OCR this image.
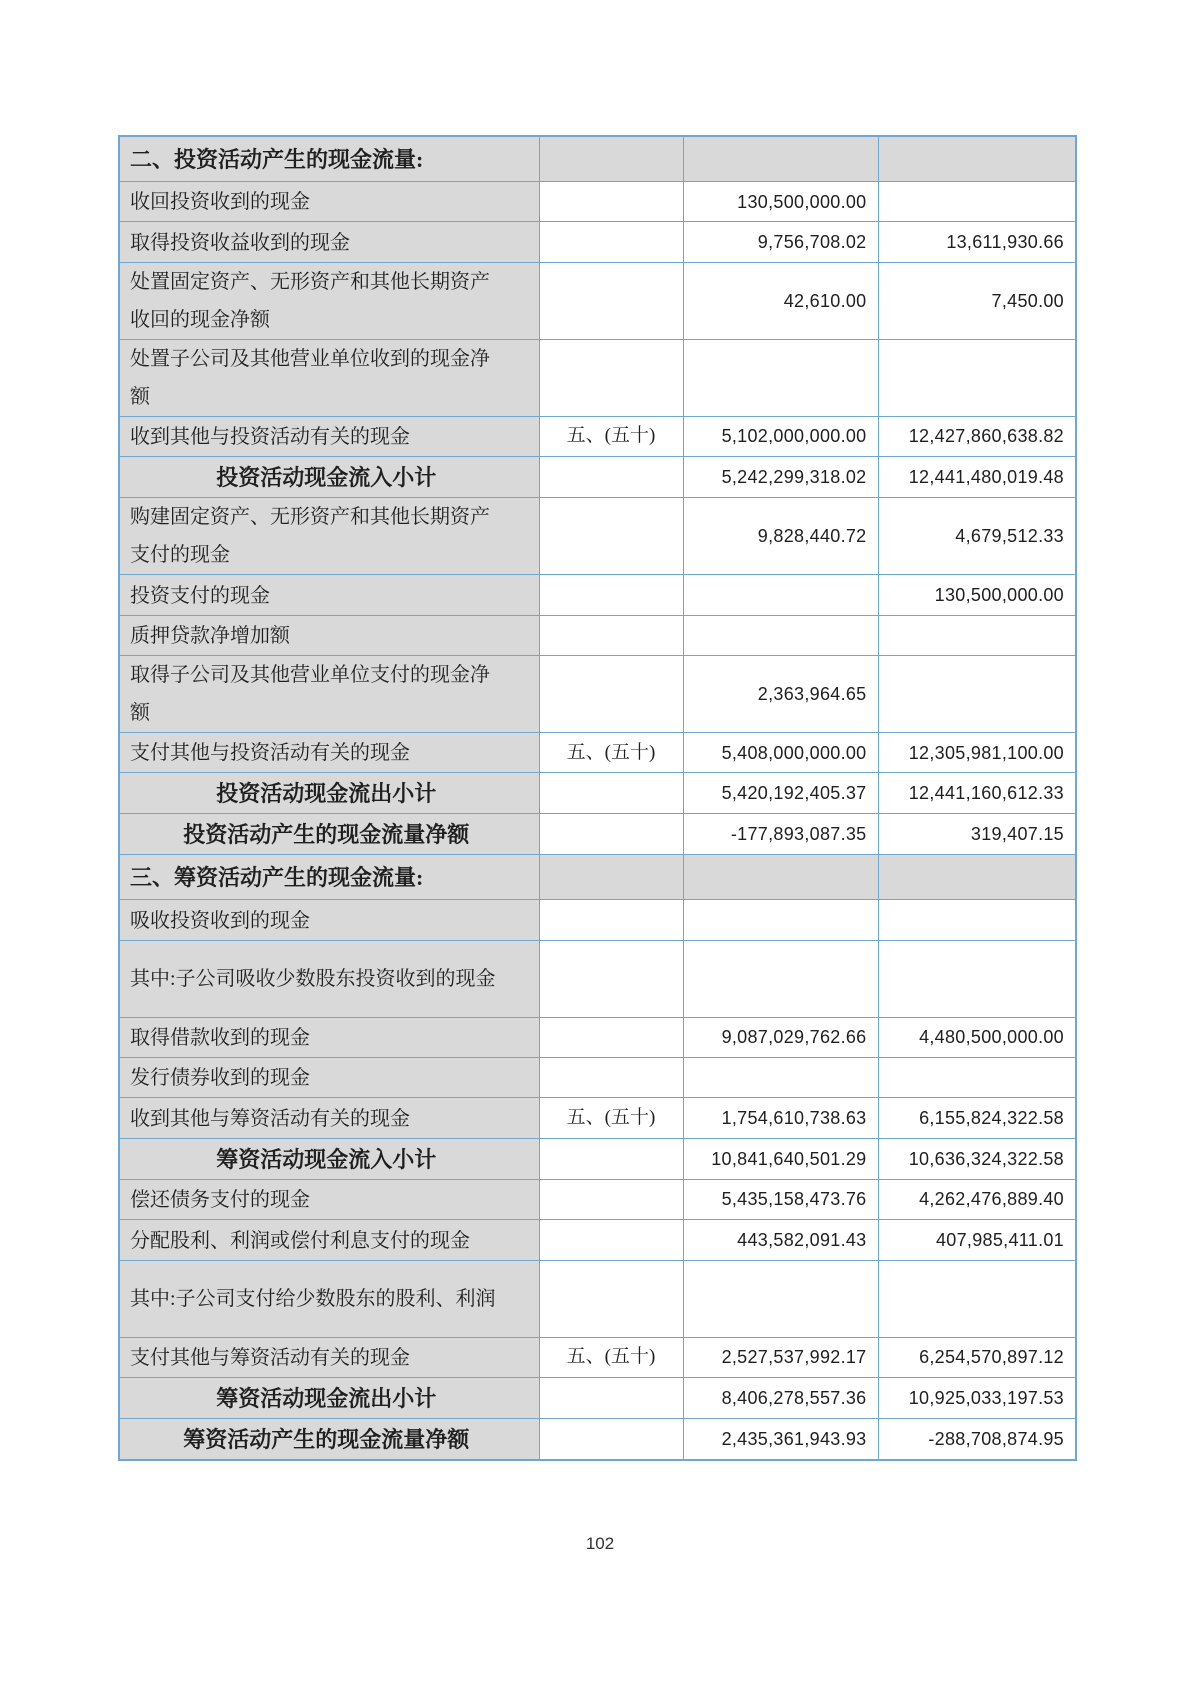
二、投资活动产生的现金流量:			
收回投资收到的现金		130,500,000.00	
取得投资收益收到的现金		9,756,708.02	13,611,930.66
处置固定资产、无形资产和其他长期资产收回的现金净额		42,610.00	7,450.00
处置子公司及其他营业单位收到的现金净额			
收到其他与投资活动有关的现金	五、(五十)	5,102,000,000.00	12,427,860,638.82
投资活动现金流入小计		5,242,299,318.02	12,441,480,019.48
购建固定资产、无形资产和其他长期资产支付的现金		9,828,440.72	4,679,512.33
投资支付的现金			130,500,000.00
质押贷款净增加额			
取得子公司及其他营业单位支付的现金净额		2,363,964.65	
支付其他与投资活动有关的现金	五、(五十)	5,408,000,000.00	12,305,981,100.00
投资活动现金流出小计		5,420,192,405.37	12,441,160,612.33
投资活动产生的现金流量净额		-177,893,087.35	319,407.15
三、筹资活动产生的现金流量:			
吸收投资收到的现金			
其中:子公司吸收少数股东投资收到的现金			
取得借款收到的现金		9,087,029,762.66	4,480,500,000.00
发行债券收到的现金			
收到其他与筹资活动有关的现金	五、(五十)	1,754,610,738.63	6,155,824,322.58
筹资活动现金流入小计		10,841,640,501.29	10,636,324,322.58
偿还债务支付的现金		5,435,158,473.76	4,262,476,889.40
分配股利、利润或偿付利息支付的现金		443,582,091.43	407,985,411.01
其中:子公司支付给少数股东的股利、利润			
支付其他与筹资活动有关的现金	五、(五十)	2,527,537,992.17	6,254,570,897.12
筹资活动现金流出小计		8,406,278,557.36	10,925,033,197.53
筹资活动产生的现金流量净额		2,435,361,943.93	-288,708,874.95
102
